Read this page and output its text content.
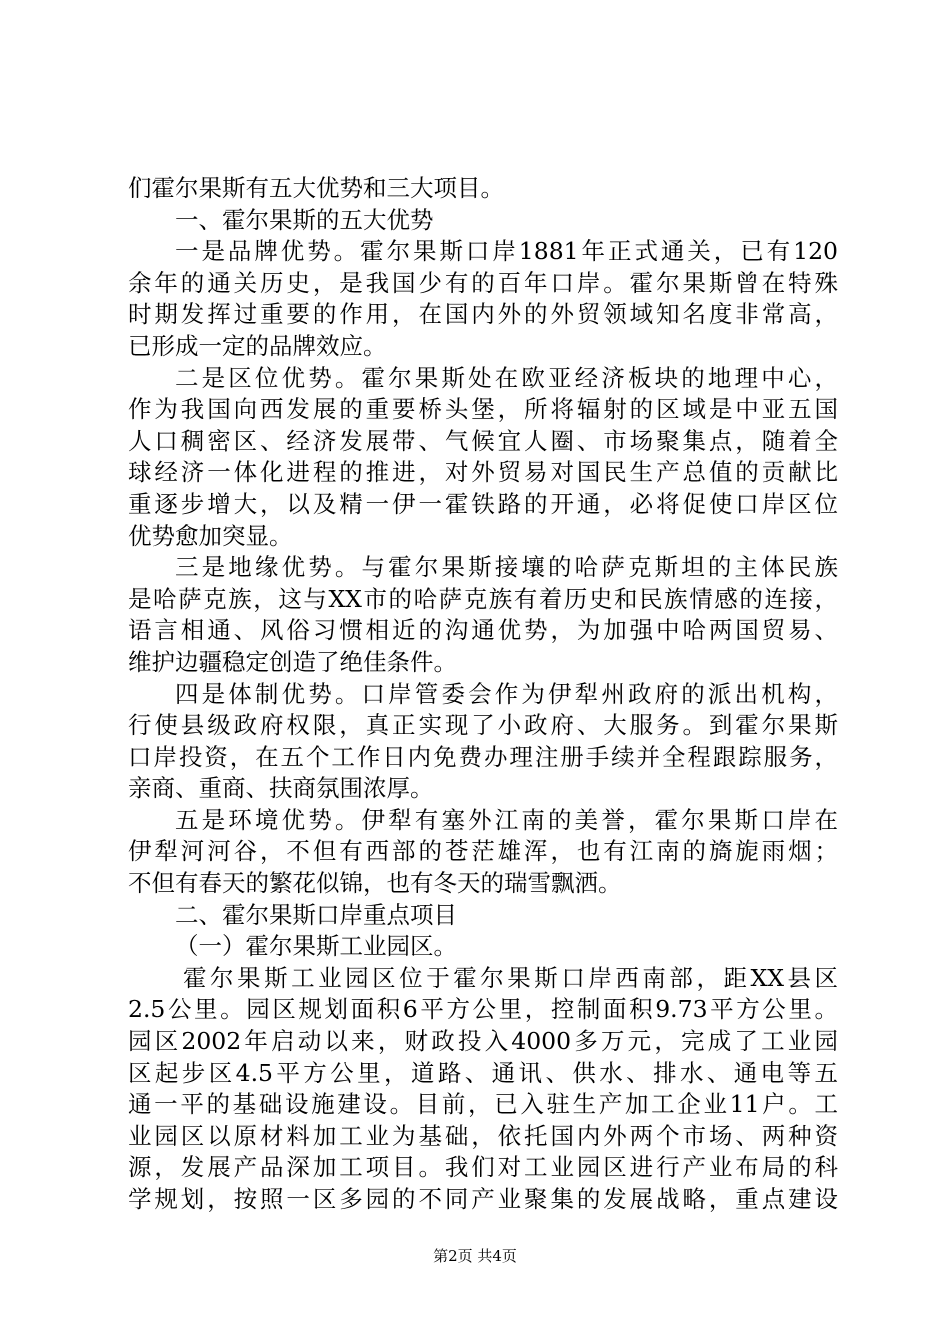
们霍尔果斯有五大优势和三大项目。
一、霍尔果斯的五大优势
一是品牌优势。霍尔果斯口岸1881年正式通关，已有120
余年的通关历史，是我国少有的百年口岸。霍尔果斯曾在特殊
时期发挥过重要的作用，在国内外的外贸领域知名度非常高，
已形成一定的品牌效应。
二是区位优势。霍尔果斯处在欧亚经济板块的地理中心，
作为我国向西发展的重要桥头堡，所将辐射的区域是中亚五国
人口稠密区、经济发展带、气候宜人圈、市场聚集点，随着全
球经济一体化进程的推进，对外贸易对国民生产总值的贡献比
重逐步增大，以及精一伊一霍铁路的开通，必将促使口岸区位
优势愈加突显。
三是地缘优势。与霍尔果斯接壤的哈萨克斯坦的主体民族
是哈萨克族，这与XX市的哈萨克族有着历史和民族情感的连接，
语言相通、风俗习惯相近的沟通优势，为加强中哈两国贸易、
维护边疆稳定创造了绝佳条件。
四是体制优势。口岸管委会作为伊犁州政府的派出机构，
行使县级政府权限，真正实现了小政府、大服务。到霍尔果斯
口岸投资，在五个工作日内免费办理注册手续并全程跟踪服务，
亲商、重商、扶商氛围浓厚。
五是环境优势。伊犁有塞外江南的美誉，霍尔果斯口岸在
伊犁河河谷，不但有西部的苍茫雄浑，也有江南的旖旎雨烟；
不但有春天的繁花似锦，也有冬天的瑞雪飘洒。
二、霍尔果斯口岸重点项目
（一）霍尔果斯工业园区。
霍尔果斯工业园区位于霍尔果斯口岸西南部，距XX县区
2.5公里。园区规划面积6平方公里，控制面积9.73平方公里。
园区2002年启动以来，财政投入4000多万元，完成了工业园
区起步区4.5平方公里，道路、通讯、供水、排水、通电等五
通一平的基础设施建设。目前，已入驻生产加工企业11户。工
业园区以原材料加工业为基础，依托国内外两个市场、两种资
源，发展产品深加工项目。我们对工业园区进行产业布局的科
学规划，按照一区多园的不同产业聚集的发展战略，重点建设
第2页 共4页
